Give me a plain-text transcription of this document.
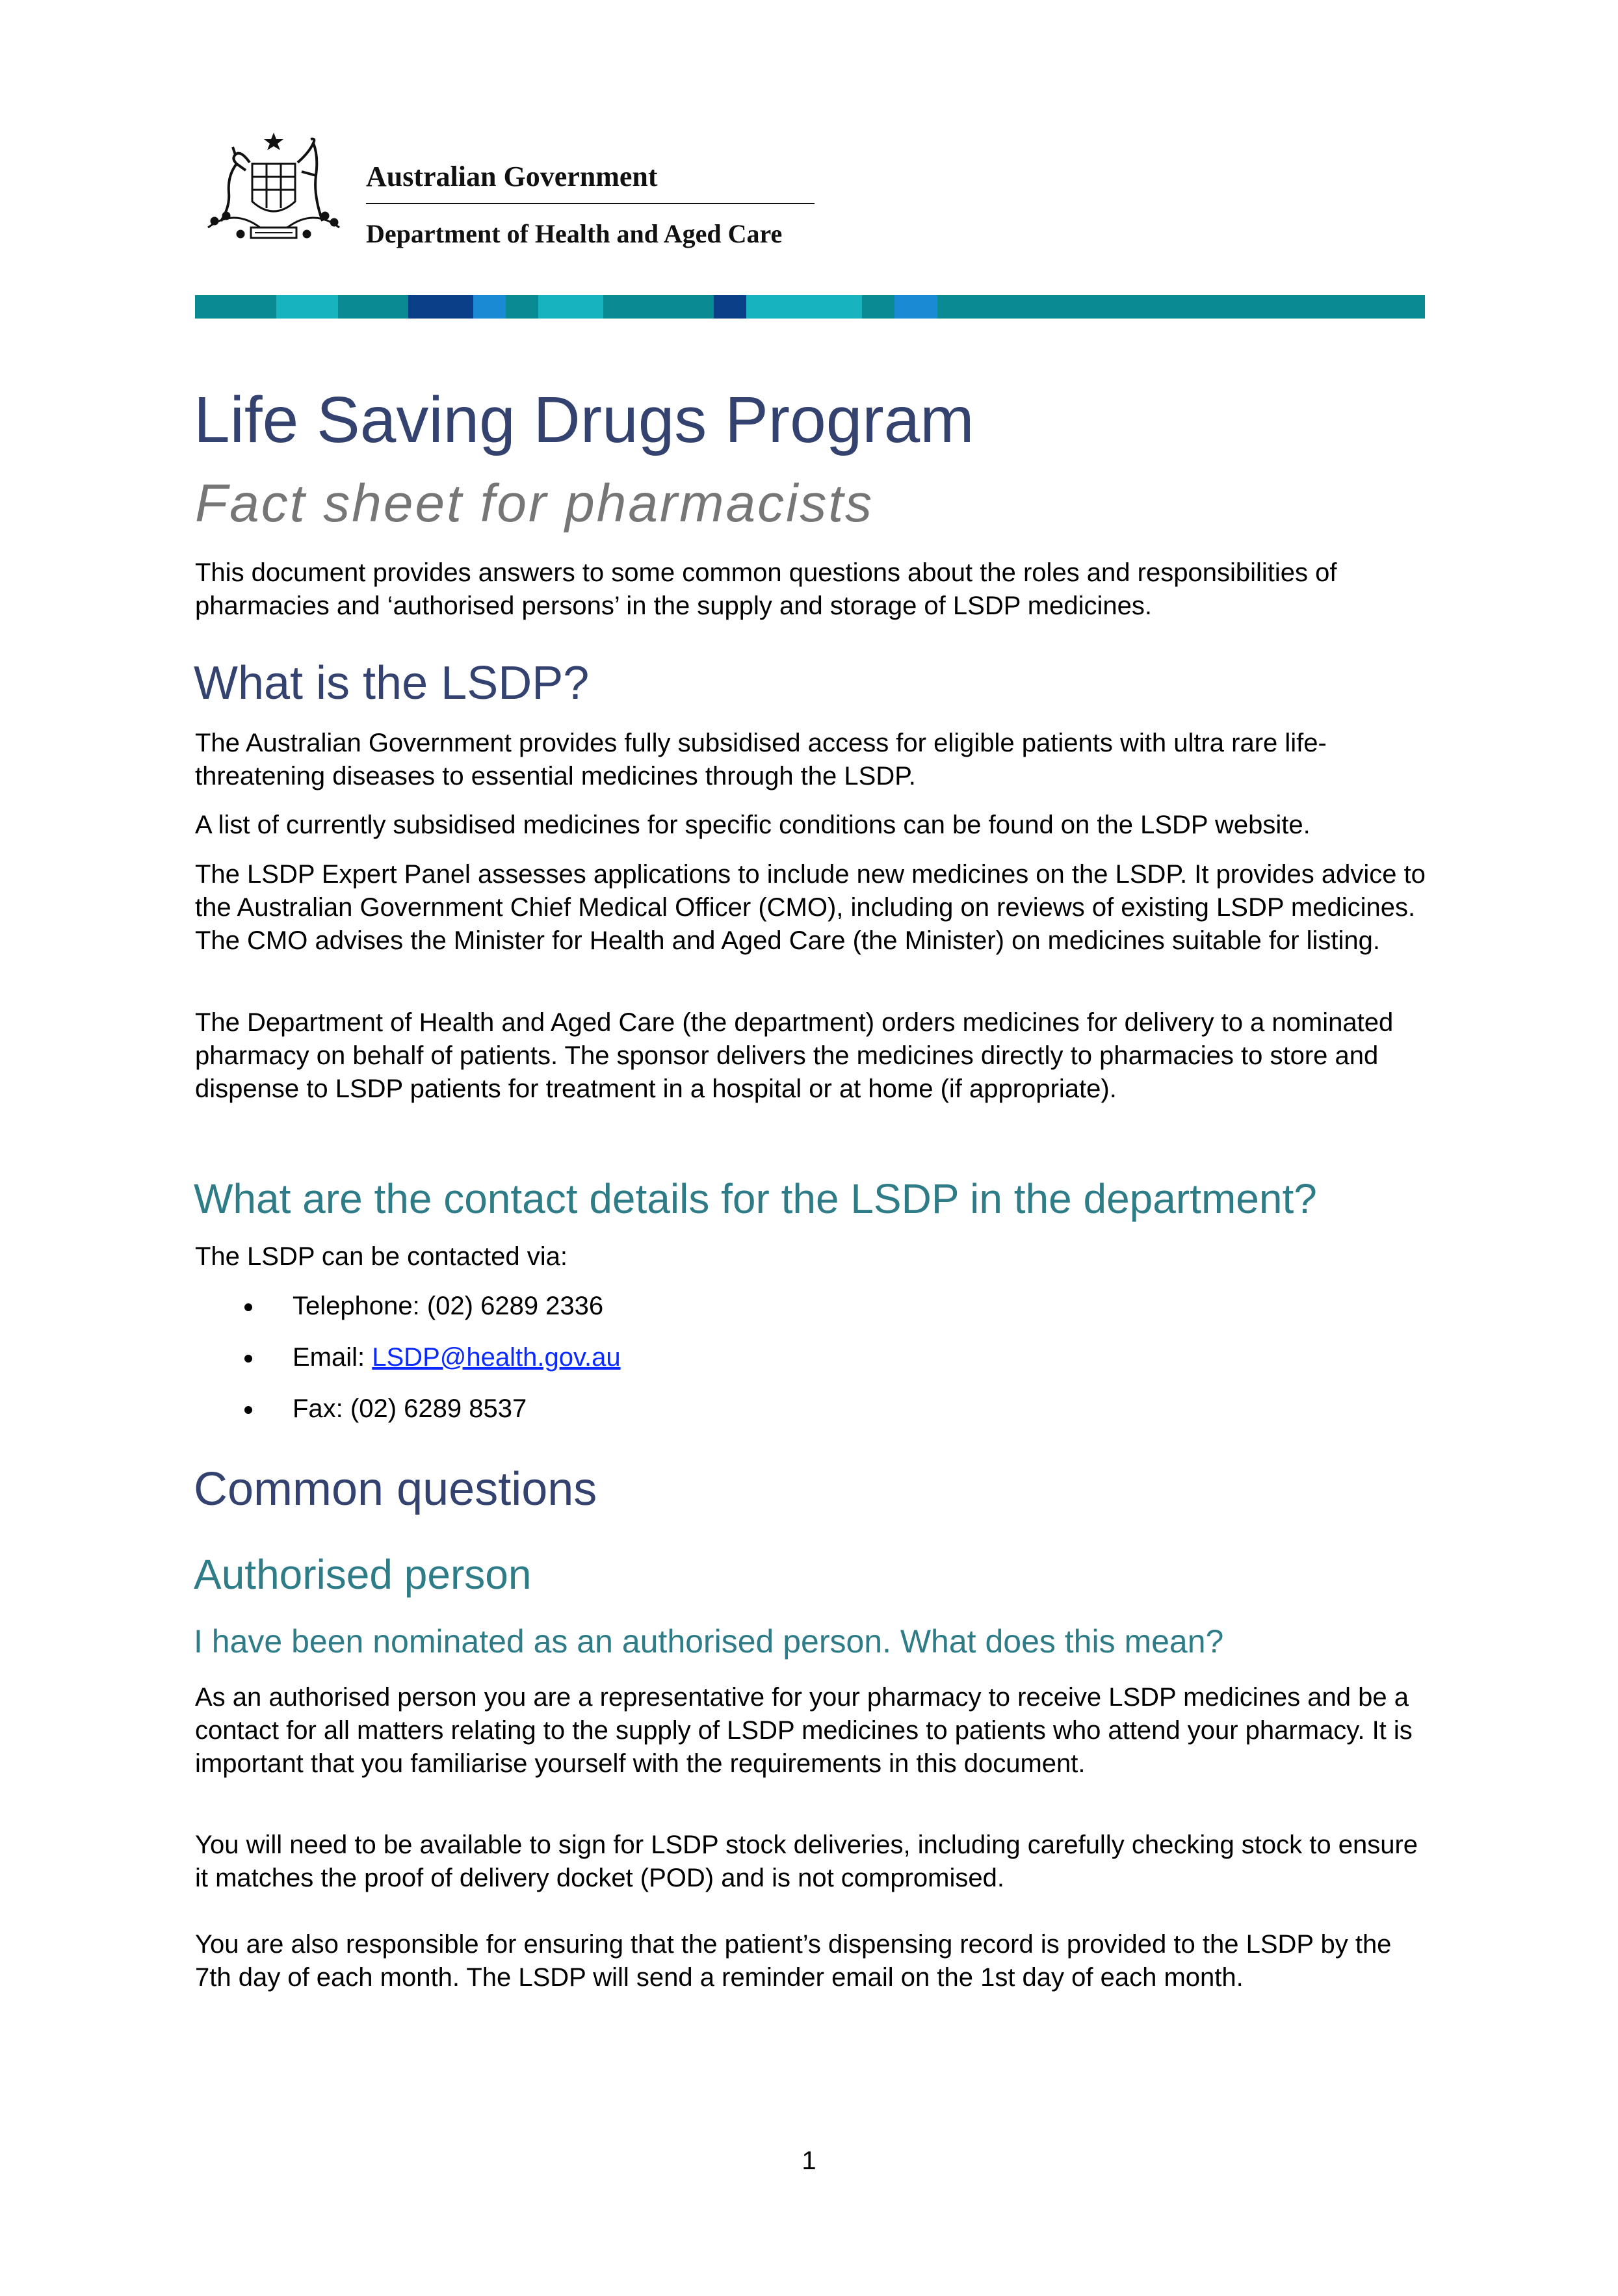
Australian Government
Department of Health and Aged Care
Life Saving Drugs Program
Fact sheet for pharmacists

This document provides answers to some common questions about the roles and responsibilities of pharmacies and ‘authorised persons’ in the supply and storage of LSDP medicines.

What is the LSDP?

The Australian Government provides fully subsidised access for eligible patients with ultra rare life-threatening diseases to essential medicines through the LSDP.

A list of currently subsidised medicines for specific conditions can be found on the LSDP website.

The LSDP Expert Panel assesses applications to include new medicines on the LSDP. It provides advice to the Australian Government Chief Medical Officer (CMO), including on reviews of existing LSDP medicines. The CMO advises the Minister for Health and Aged Care (the Minister) on medicines suitable for listing.

The Department of Health and Aged Care (the department) orders medicines for delivery to a nominated pharmacy on behalf of patients. The sponsor delivers the medicines directly to pharmacies to store and dispense to LSDP patients for treatment in a hospital or at home (if appropriate).

What are the contact details for the LSDP in the department?

The LSDP can be contacted via:

Telephone: (02) 6289 2336
Email: LSDP@health.gov.au
Fax: (02) 6289 8537
Common questions
Authorised person
I have been nominated as an authorised person. What does this mean?

As an authorised person you are a representative for your pharmacy to receive LSDP medicines and be a contact for all matters relating to the supply of LSDP medicines to patients who attend your pharmacy. It is important that you familiarise yourself with the requirements in this document.

You will need to be available to sign for LSDP stock deliveries, including carefully checking stock to ensure it matches the proof of delivery docket (POD) and is not compromised.

You are also responsible for ensuring that the patient’s dispensing record is provided to the LSDP by the 7th day of each month. The LSDP will send a reminder email on the 1st day of each month.

1
